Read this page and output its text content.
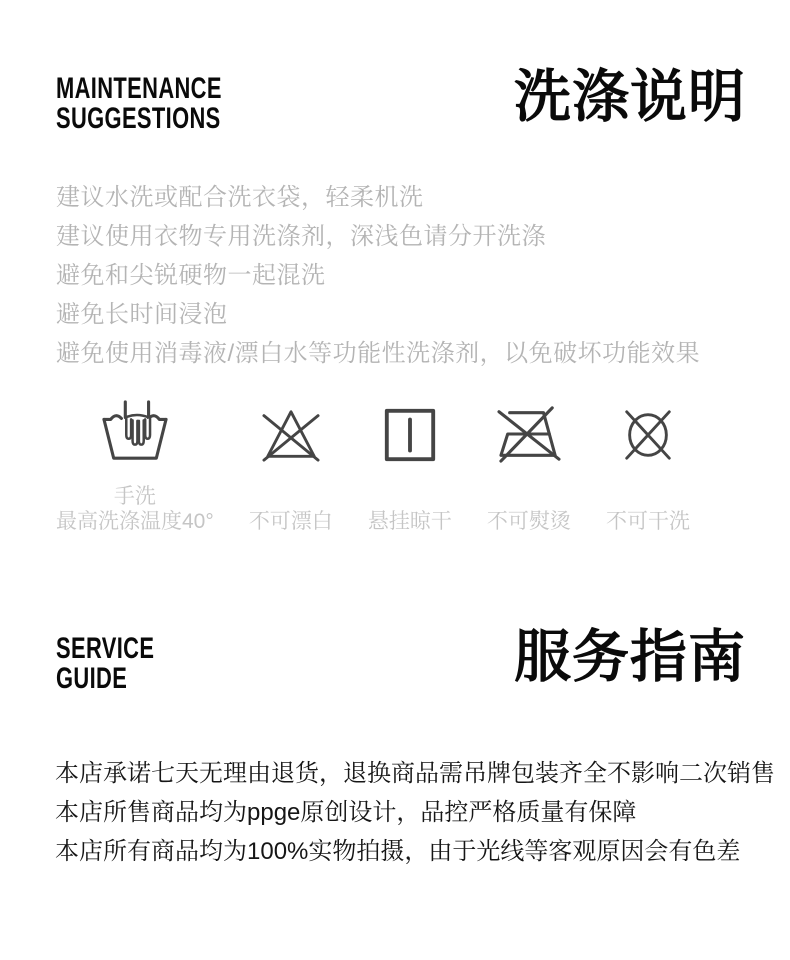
MAINTENANCE
SUGGESTIONS	洗涤说明
建议水洗或配合洗衣袋，轻柔机洗
建议使用衣物专用洗涤剂，深浅色请分开洗涤
避免和尖锐硬物一起混洗
避免长时间浸泡
避免使用消毒液/漂白水等功能性洗涤剂，以免破坏功能效果
手洗
最高洗涤温度40° 不可漂白 悬挂晾干 不可熨烫 不可干洗
SERVICE
GUIDE	服务指南
本店承诺七天无理由退货，退换商品需吊牌包装齐全不影响二次销售
本店所售商品均为ppge原创设计，品控严格质量有保障
本店所有商品均为100%实物拍摄，由于光线等客观原因会有色差
